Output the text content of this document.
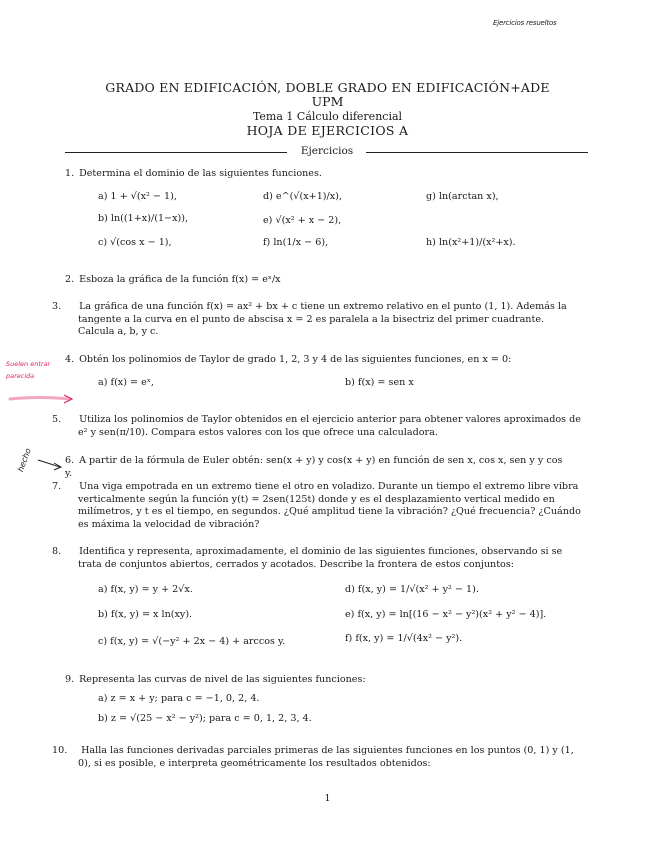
Ejercicios resueltos
Suelen entrar
parecida
hecho
GRADO EN EDIFICACIÓN, DOBLE GRADO EN EDIFICACIÓN+ADE
UPM
Tema 1 Cálculo diferencial
HOJA DE EJERCICIOS A
Ejercicios
1. Determina el dominio de las siguientes funciones.
a) 1 + √(x² − 1),
b) ln((1+x)/(1−x)),
c) √(cos x − 1),
d) e^(√(x+1)/x),
e) √(x² + x − 2),
f) ln(1/x − 6),
g) ln(arctan x),
h) ln(x²+1)/(x²+x).
2. Esboza la gráfica de la función f(x) = eˣ/x
3. La gráfica de una función f(x) = ax² + bx + c tiene un extremo relativo en el punto (1, 1). Además la tangente a la curva en el punto de abscisa x = 2 es paralela a la bisectriz del primer cuadrante. Calcula a, b, y c.
4. Obtén los polinomios de Taylor de grado 1, 2, 3 y 4 de las siguientes funciones, en x = 0:
a) f(x) = eˣ,	b) f(x) = sen x
5. Utiliza los polinomios de Taylor obtenidos en el ejercicio anterior para obtener valores aproximados de e² y sen(π/10). Compara estos valores con los que ofrece una calculadora.
6. A partir de la fórmula de Euler obtén: sen(x + y) y cos(x + y) en función de sen x, cos x, sen y y cos y.
7. Una viga empotrada en un extremo tiene el otro en voladizo. Durante un tiempo el extremo libre vibra verticalmente según la función y(t) = 2sen(125t) donde y es el desplazamiento vertical medido en milímetros, y t es el tiempo, en segundos. ¿Qué amplitud tiene la vibración? ¿Qué frecuencia? ¿Cuándo es máxima la velocidad de vibración?
8. Identifica y representa, aproximadamente, el dominio de las siguientes funciones, observando si se trata de conjuntos abiertos, cerrados y acotados. Describe la frontera de estos conjuntos:
a) f(x, y) = y + 2√x.
b) f(x, y) = x ln(xy).
c) f(x, y) = √(−y² + 2x − 4) + arccos y.
d) f(x, y) = 1/√(x² + y² − 1).
e) f(x, y) = ln[(16 − x² − y²)(x² + y² − 4)].
f) f(x, y) = 1/√(4x² − y²).
9. Representa las curvas de nivel de las siguientes funciones:
a) z = x + y; para c = −1, 0, 2, 4.
b) z = √(25 − x² − y²); para c = 0, 1, 2, 3, 4.
10. Halla las funciones derivadas parciales primeras de las siguientes funciones en los puntos (0, 1) y (1, 0), si es posible, e interpreta geométricamente los resultados obtenidos:
1
